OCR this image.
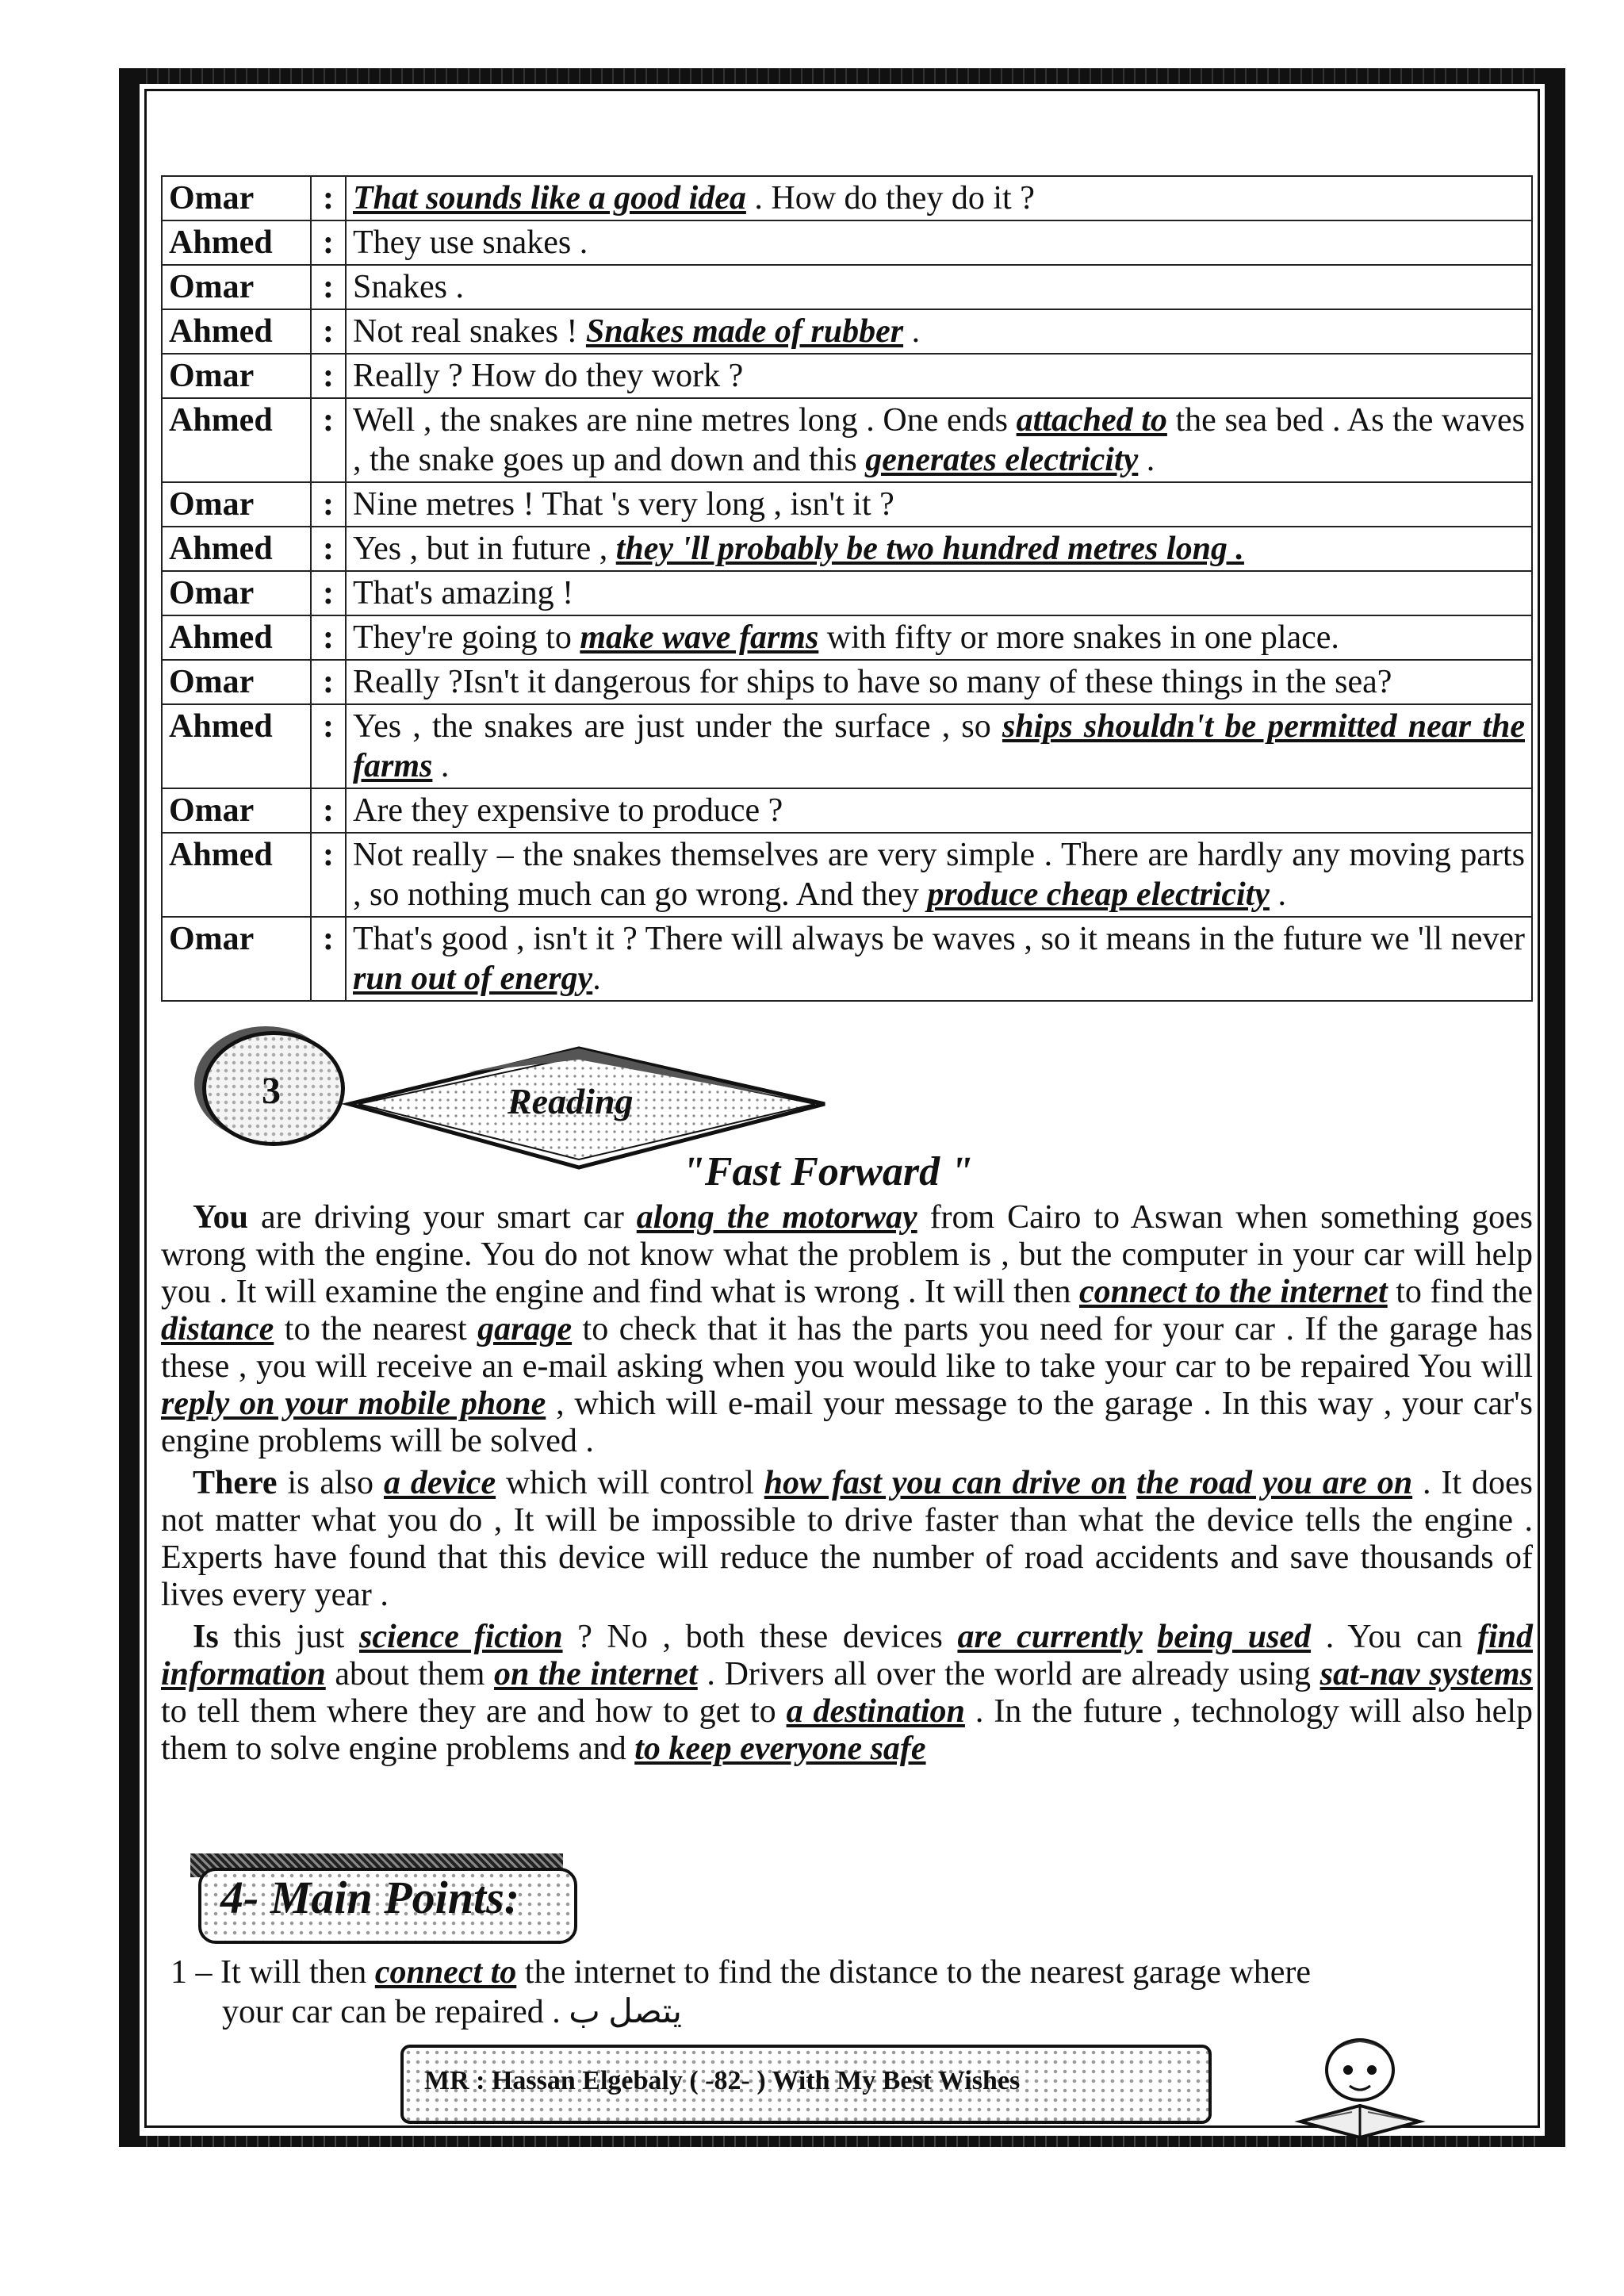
Omar	:	That sounds like a good idea . How do they do it ?
Ahmed	:	They use snakes .
Omar	:	Snakes .
Ahmed	:	Not real snakes ! Snakes made of rubber .
Omar	:	Really ? How do they work ?
Ahmed	:	Well , the snakes are nine metres long . One ends attached to the sea bed . As the waves , the snake goes up and down and this generates electricity .
Omar	:	Nine metres ! That 's very long , isn't it ?
Ahmed	:	Yes , but in future , they 'll probably be two hundred metres long .
Omar	:	That's amazing !
Ahmed	:	They're going to make wave farms with fifty or more snakes in one place.
Omar	:	Really ?Isn't it dangerous for ships to have so many of these things in the sea?
Ahmed	:	Yes , the snakes are just under the surface , so ships shouldn't be permitted near the farms .
Omar	:	Are they expensive to produce ?
Ahmed	:	Not really – the snakes themselves are very simple . There are hardly any moving parts , so nothing much can go wrong. And they produce cheap electricity .
Omar	:	That's good , isn't it ? There will always be waves , so it means in the future we 'll never run out of energy.
3	Reading
"Fast Forward "

You are driving your smart car along the motorway from Cairo to Aswan when something goes wrong with the engine. You do not know what the problem is , but the computer in your car will help you . It will examine the engine and find what is wrong . It will then connect to the internet to find the distance to the nearest garage to check that it has the parts you need for your car . If the garage has these , you will receive an e-mail asking when you would like to take your car to be repaired You will reply on your mobile phone , which will e-mail your message to the garage . In this way , your car's engine problems will be solved .

There is also a device which will control how fast you can drive on the road you are on . It does not matter what you do , It will be impossible to drive faster than what the device tells the engine . Experts have found that this device will reduce the number of road accidents and save thousands of lives every year .

Is this just science fiction ? No , both these devices are currently being used . You can find information about them on the internet . Drivers all over the world are already using sat-nav systems to tell them where they are and how to get to a destination . In the future , technology will also help them to solve engine problems and to keep everyone safe

4- Main Points:
1 – It will then connect to the internet to find the distance to the nearest garage where
your car can be repaired . يتصل ب
MR : Hassan Elgebaly ( -82- ) With My Best Wishes
